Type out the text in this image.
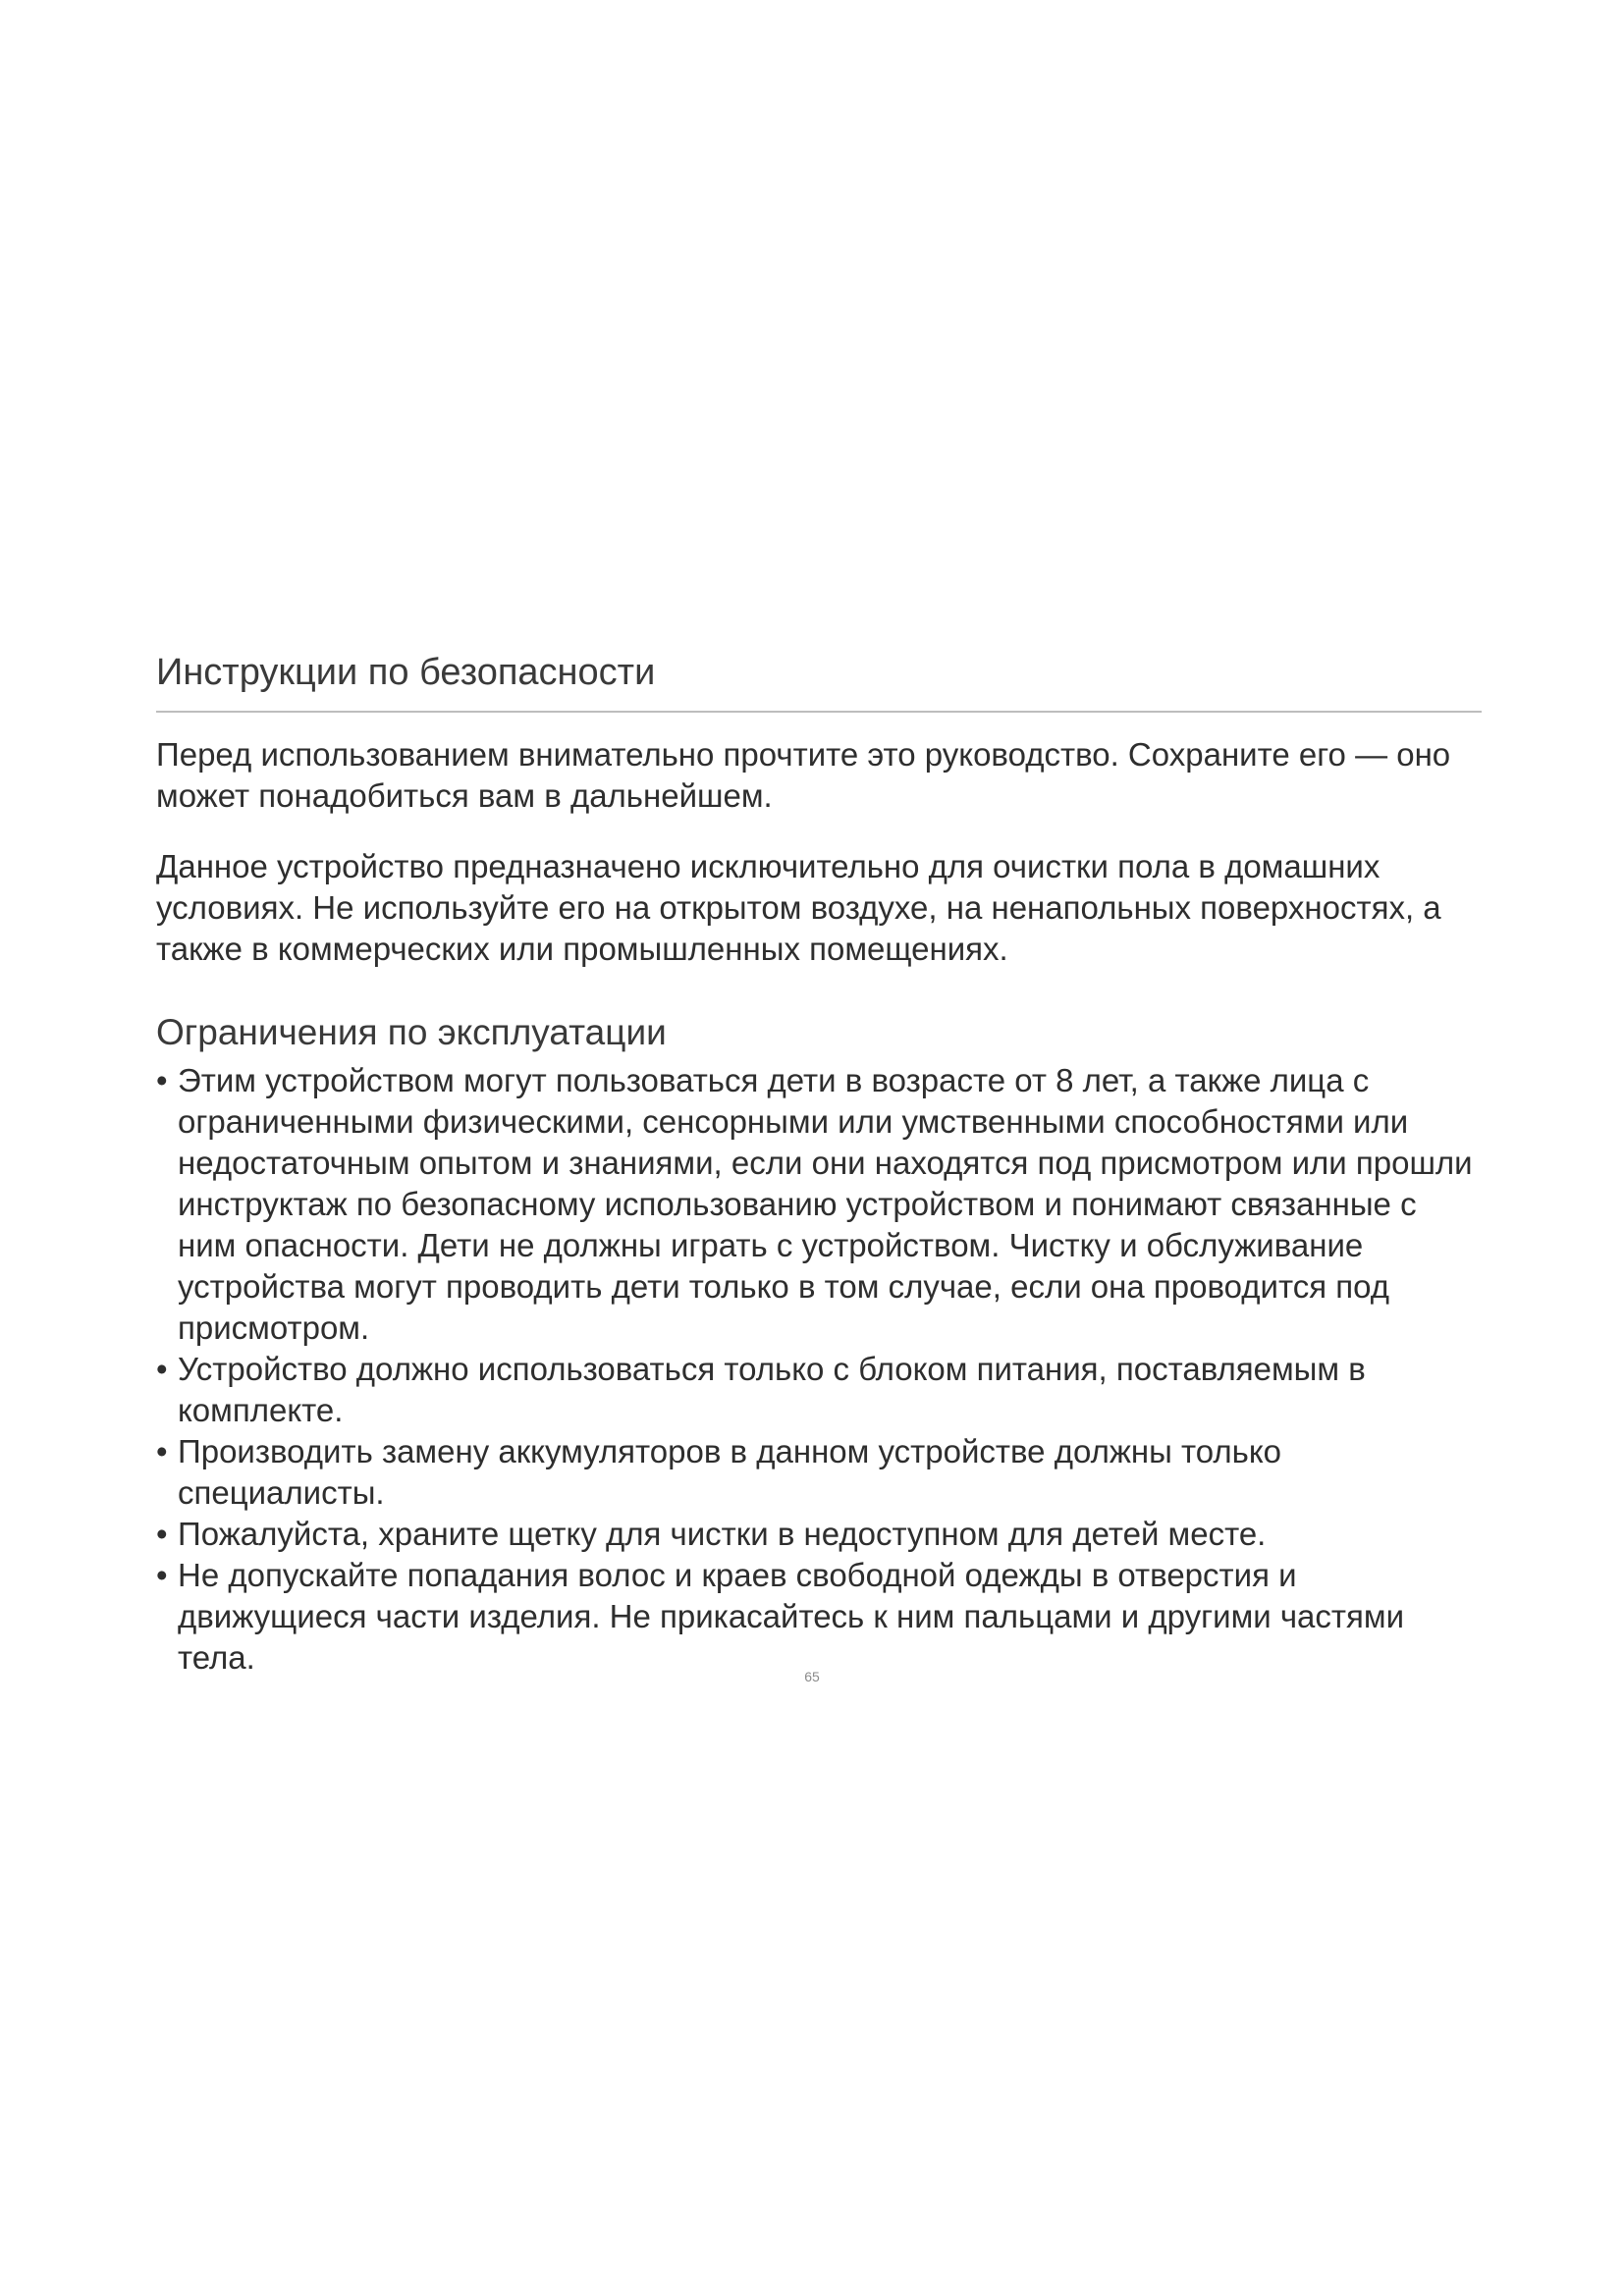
Инструкции по безопасности

Перед использованием внимательно прочтите это руководство. Сохраните его — оно может понадобиться вам в дальнейшем.

Данное устройство предназначено исключительно для очистки пола в домашних условиях. Не используйте его на открытом воздухе, на ненапольных поверхностях, а также в коммерческих или промышленных помещениях.

Ограничения по эксплуатации
• Этим устройством могут пользоваться дети в возрасте от 8 лет, а также лица с ограниченными физическими, сенсорными или умственными способностями или недостаточным опытом и знаниями, если они находятся под присмотром или прошли инструктаж по безопасному использованию устройством и понимают связанные с ним опасности. Дети не должны играть с устройством. Чистку и обслуживание устройства могут проводить дети только в том случае, если она проводится под присмотром.
• Устройство должно использоваться только с блоком питания, поставляемым в комплекте.
• Производить замену аккумуляторов в данном устройстве должны только специалисты.
• Пожалуйста, храните щетку для чистки в недоступном для детей месте.
• Не допускайте попадания волос и краев свободной одежды в отверстия и движущиеся части изделия. Не прикасайтесь к ним пальцами и другими частями тела.
65
